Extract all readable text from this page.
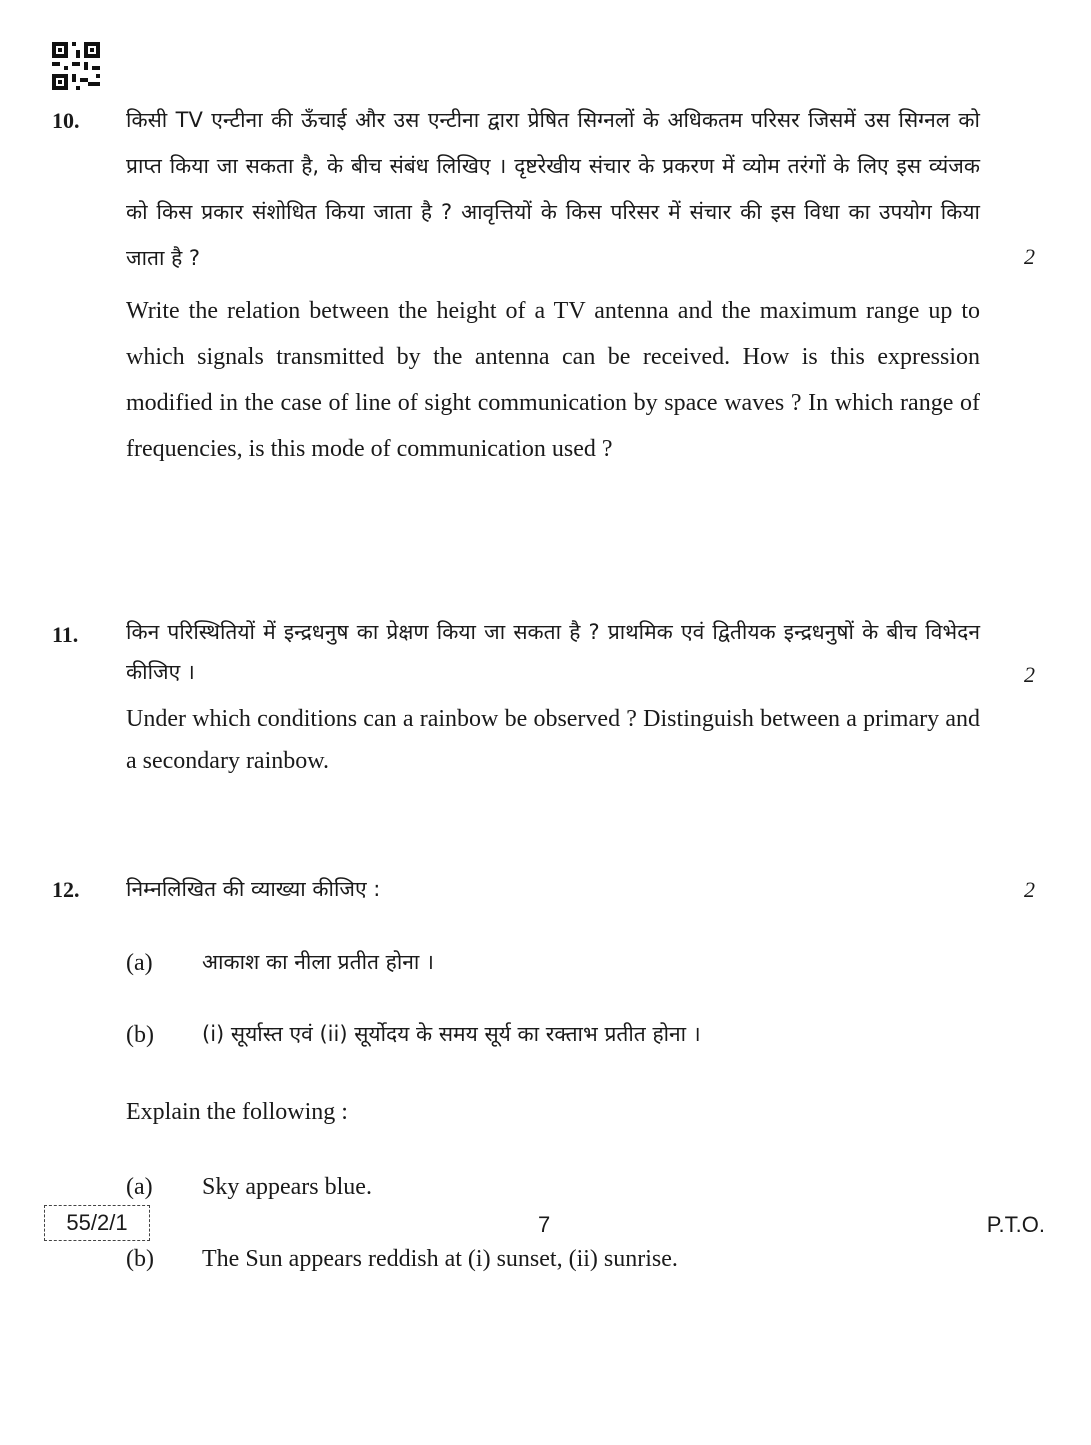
10. किसी TV एन्टीना की ऊँचाई और उस एन्टीना द्वारा प्रेषित सिग्नलों के अधिकतम परिसर जिसमें उस सिग्नल को प्राप्त किया जा सकता है, के बीच संबंध लिखिए । दृष्टरेखीय संचार के प्रकरण में व्योम तरंगों के लिए इस व्यंजक को किस प्रकार संशोधित किया जाता है ? आवृत्तियों के किस परिसर में संचार की इस विधा का उपयोग किया जाता है ?	2
Write the relation between the height of a TV antenna and the maximum range up to which signals transmitted by the antenna can be received. How is this expression modified in the case of line of sight communication by space waves ? In which range of frequencies, is this mode of communication used ?
11. किन परिस्थितियों में इन्द्रधनुष का प्रेक्षण किया जा सकता है ? प्राथमिक एवं द्वितीयक इन्द्रधनुषों के बीच विभेदन कीजिए ।	2
Under which conditions can a rainbow be observed ? Distinguish between a primary and a secondary rainbow.
12. निम्नलिखित की व्याख्या कीजिए :	2
(a) आकाश का नीला प्रतीत होना ।
(b) (i) सूर्यास्त एवं (ii) सूर्योदय के समय सूर्य का रक्ताभ प्रतीत होना ।
Explain the following :
(a) Sky appears blue.
(b) The Sun appears reddish at (i) sunset, (ii) sunrise.
55/2/1	7	P.T.O.
